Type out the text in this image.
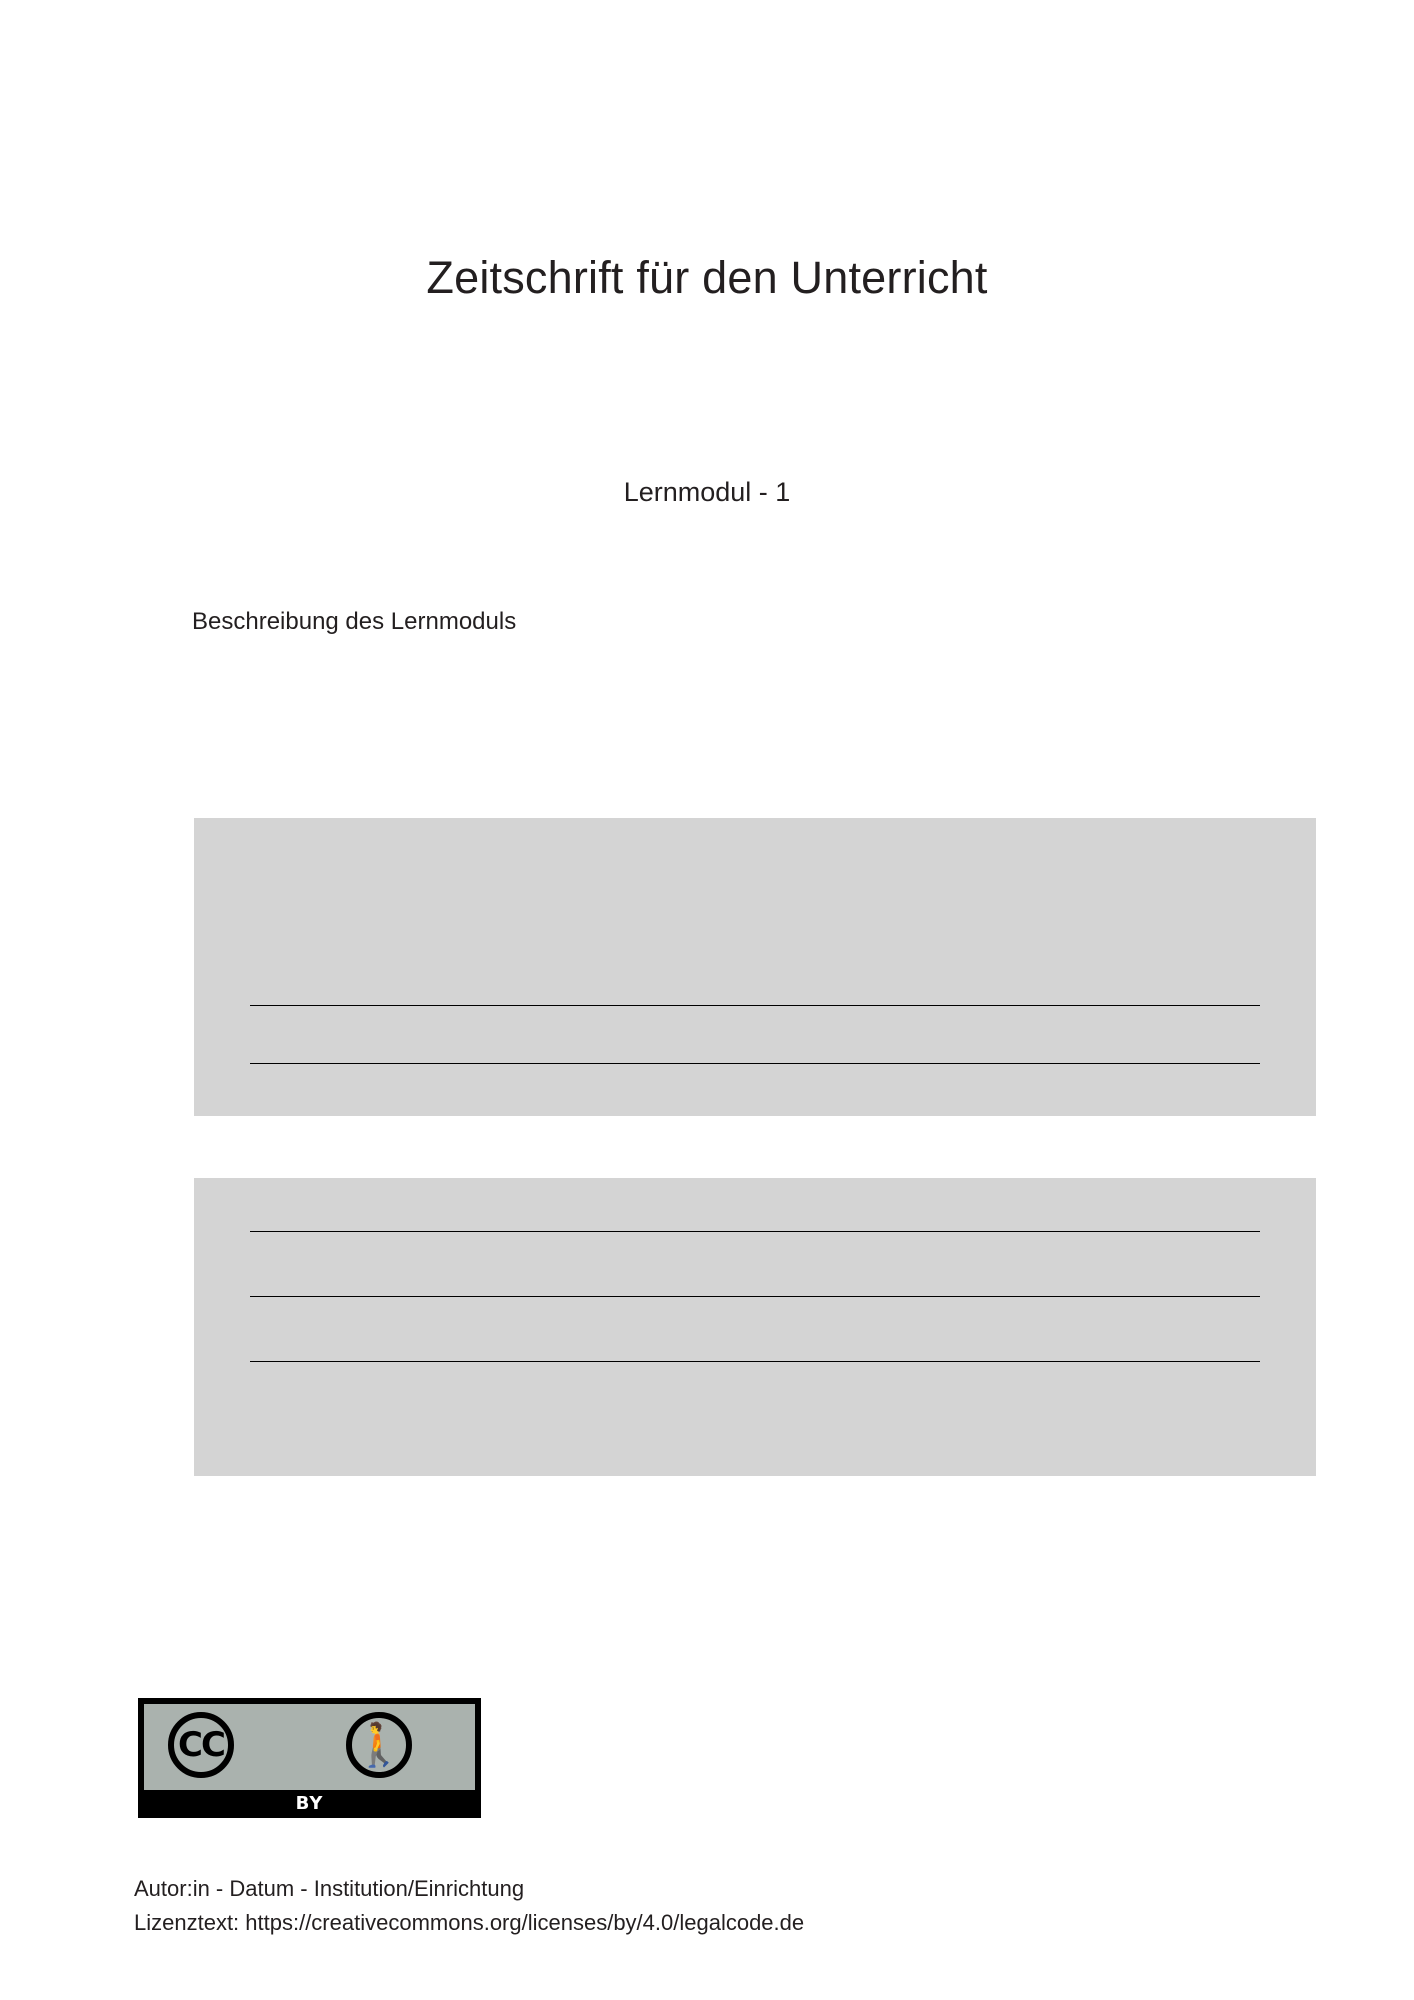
Zeitschrift für den Unterricht
Lernmodul - 1
Beschreibung des Lernmoduls
CC	🚶
BY
Autor:in - Datum - Institution/Einrichtung
Lizenztext: https://creativecommons.org/licenses/by/4.0/legalcode.de
